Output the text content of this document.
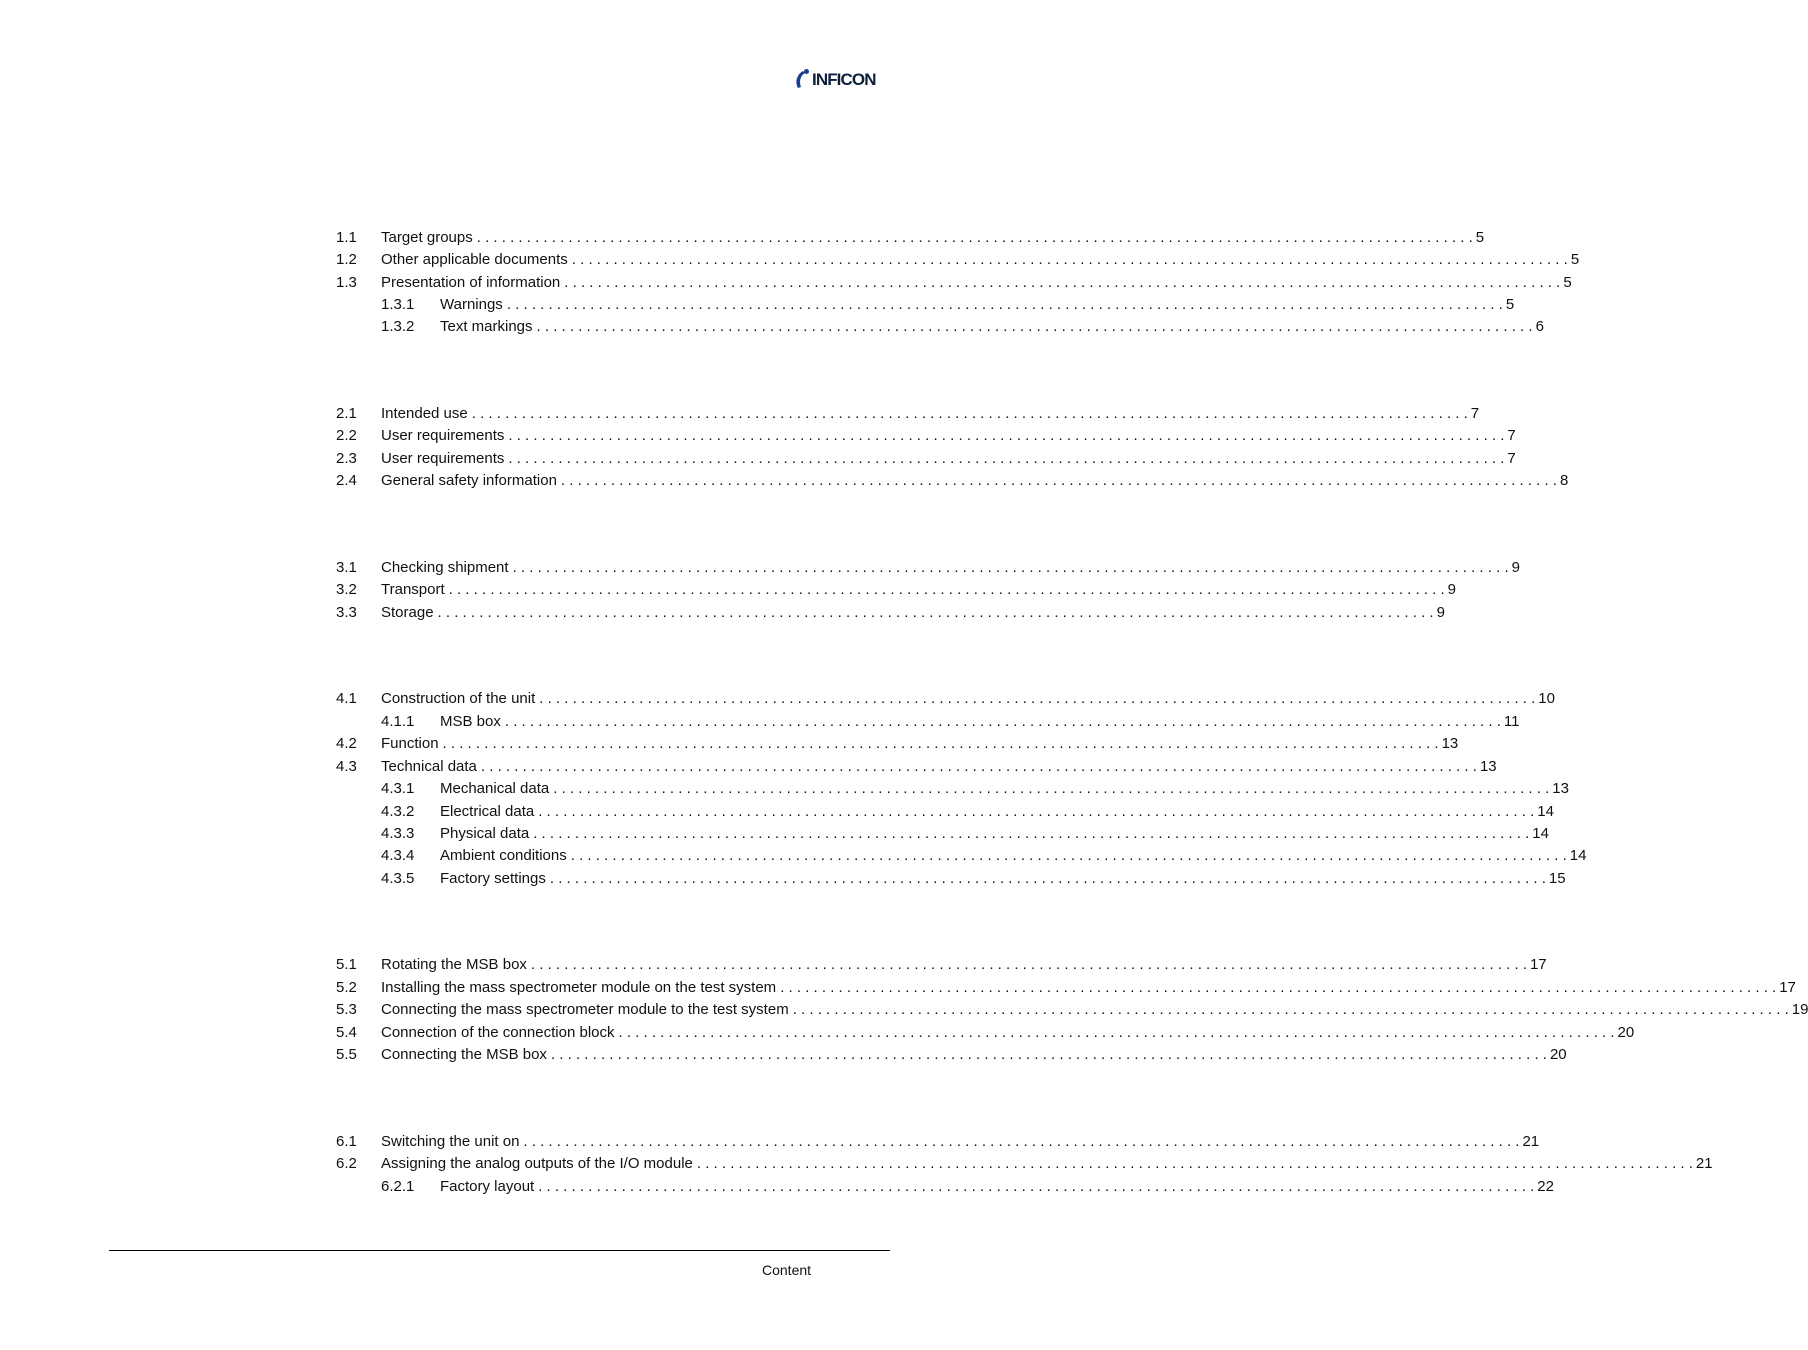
INFICON
1.1 Target groups . . . . . . . . . . . . . . . . . . . . . . . . . . . . . . . . . . . . . . . . . . . . . . . . . . . . . . . . . . . . . . . . . . . . . . . . . . . . . . . . . . . . . . . . . . . . . . . . . . . . . . . . . . . . . . . . . . . . . . . . 5
1.2 Other applicable documents . . . . . . . . . . . . . . . . . . . . . . . . . . . . . . . . . . . . . . . . . . . . . . . . . . . . . . . . . . . . . . . . . . . . . . . . . . . . . . . . . . . . . . . . . . . . . . . . . . . . . . . . . . . . . . . . . . . . . . . . 5
1.3 Presentation of information . . . . . . . . . . . . . . . . . . . . . . . . . . . . . . . . . . . . . . . . . . . . . . . . . . . . . . . . . . . . . . . . . . . . . . . . . . . . . . . . . . . . . . . . . . . . . . . . . . . . . . . . . . . . . . . . . . . . . . . . 5
1.3.1 Warnings . . . . . . . . . . . . . . . . . . . . . . . . . . . . . . . . . . . . . . . . . . . . . . . . . . . . . . . . . . . . . . . . . . . . . . . . . . . . . . . . . . . . . . . . . . . . . . . . . . . . . . . . . . . . . . . . . . . . . . . . 5
1.3.2 Text markings . . . . . . . . . . . . . . . . . . . . . . . . . . . . . . . . . . . . . . . . . . . . . . . . . . . . . . . . . . . . . . . . . . . . . . . . . . . . . . . . . . . . . . . . . . . . . . . . . . . . . . . . . . . . . . . . . . . . . . . . 6
2.1 Intended use . . . . . . . . . . . . . . . . . . . . . . . . . . . . . . . . . . . . . . . . . . . . . . . . . . . . . . . . . . . . . . . . . . . . . . . . . . . . . . . . . . . . . . . . . . . . . . . . . . . . . . . . . . . . . . . . . . . . . . . . 7
2.2 User requirements . . . . . . . . . . . . . . . . . . . . . . . . . . . . . . . . . . . . . . . . . . . . . . . . . . . . . . . . . . . . . . . . . . . . . . . . . . . . . . . . . . . . . . . . . . . . . . . . . . . . . . . . . . . . . . . . . . . . . . . . 7
2.3 User requirements . . . . . . . . . . . . . . . . . . . . . . . . . . . . . . . . . . . . . . . . . . . . . . . . . . . . . . . . . . . . . . . . . . . . . . . . . . . . . . . . . . . . . . . . . . . . . . . . . . . . . . . . . . . . . . . . . . . . . . . . 7
2.4 General safety information . . . . . . . . . . . . . . . . . . . . . . . . . . . . . . . . . . . . . . . . . . . . . . . . . . . . . . . . . . . . . . . . . . . . . . . . . . . . . . . . . . . . . . . . . . . . . . . . . . . . . . . . . . . . . . . . . . . . . . . . 8
3.1 Checking shipment . . . . . . . . . . . . . . . . . . . . . . . . . . . . . . . . . . . . . . . . . . . . . . . . . . . . . . . . . . . . . . . . . . . . . . . . . . . . . . . . . . . . . . . . . . . . . . . . . . . . . . . . . . . . . . . . . . . . . . . . 9
3.2 Transport . . . . . . . . . . . . . . . . . . . . . . . . . . . . . . . . . . . . . . . . . . . . . . . . . . . . . . . . . . . . . . . . . . . . . . . . . . . . . . . . . . . . . . . . . . . . . . . . . . . . . . . . . . . . . . . . . . . . . . . . 9
3.3 Storage . . . . . . . . . . . . . . . . . . . . . . . . . . . . . . . . . . . . . . . . . . . . . . . . . . . . . . . . . . . . . . . . . . . . . . . . . . . . . . . . . . . . . . . . . . . . . . . . . . . . . . . . . . . . . . . . . . . . . . . . 9
4.1 Construction of the unit . . . . . . . . . . . . . . . . . . . . . . . . . . . . . . . . . . . . . . . . . . . . . . . . . . . . . . . . . . . . . . . . . . . . . . . . . . . . . . . . . . . . . . . . . . . . . . . . . . . . . . . . . . . . . . . . . . . . . . . . 10
4.1.1 MSB box . . . . . . . . . . . . . . . . . . . . . . . . . . . . . . . . . . . . . . . . . . . . . . . . . . . . . . . . . . . . . . . . . . . . . . . . . . . . . . . . . . . . . . . . . . . . . . . . . . . . . . . . . . . . . . . . . . . . . . . . 11
4.2 Function . . . . . . . . . . . . . . . . . . . . . . . . . . . . . . . . . . . . . . . . . . . . . . . . . . . . . . . . . . . . . . . . . . . . . . . . . . . . . . . . . . . . . . . . . . . . . . . . . . . . . . . . . . . . . . . . . . . . . . . . 13
4.3 Technical data . . . . . . . . . . . . . . . . . . . . . . . . . . . . . . . . . . . . . . . . . . . . . . . . . . . . . . . . . . . . . . . . . . . . . . . . . . . . . . . . . . . . . . . . . . . . . . . . . . . . . . . . . . . . . . . . . . . . . . . . 13
4.3.1 Mechanical data . . . . . . . . . . . . . . . . . . . . . . . . . . . . . . . . . . . . . . . . . . . . . . . . . . . . . . . . . . . . . . . . . . . . . . . . . . . . . . . . . . . . . . . . . . . . . . . . . . . . . . . . . . . . . . . . . . . . . . . . 13
4.3.2 Electrical data . . . . . . . . . . . . . . . . . . . . . . . . . . . . . . . . . . . . . . . . . . . . . . . . . . . . . . . . . . . . . . . . . . . . . . . . . . . . . . . . . . . . . . . . . . . . . . . . . . . . . . . . . . . . . . . . . . . . . . . . 14
4.3.3 Physical data . . . . . . . . . . . . . . . . . . . . . . . . . . . . . . . . . . . . . . . . . . . . . . . . . . . . . . . . . . . . . . . . . . . . . . . . . . . . . . . . . . . . . . . . . . . . . . . . . . . . . . . . . . . . . . . . . . . . . . . . 14
4.3.4 Ambient conditions . . . . . . . . . . . . . . . . . . . . . . . . . . . . . . . . . . . . . . . . . . . . . . . . . . . . . . . . . . . . . . . . . . . . . . . . . . . . . . . . . . . . . . . . . . . . . . . . . . . . . . . . . . . . . . . . . . . . . . . . 14
4.3.5 Factory settings . . . . . . . . . . . . . . . . . . . . . . . . . . . . . . . . . . . . . . . . . . . . . . . . . . . . . . . . . . . . . . . . . . . . . . . . . . . . . . . . . . . . . . . . . . . . . . . . . . . . . . . . . . . . . . . . . . . . . . . . 15
5.1 Rotating the MSB box . . . . . . . . . . . . . . . . . . . . . . . . . . . . . . . . . . . . . . . . . . . . . . . . . . . . . . . . . . . . . . . . . . . . . . . . . . . . . . . . . . . . . . . . . . . . . . . . . . . . . . . . . . . . . . . . . . . . . . . . 17
5.2 Installing the mass spectrometer module on the test system . . . . . . . . . . . . . . . . . . . . . . . . . . . . . . . . . . . . . . . . . . . . . . . . . . . . . . . . . . . . . . . . . . . . . . . . . . . . . . . . . . . . . . . . . . . . . . . . . . . . . . . . . . . . . . . . . . . . . . . . 17
5.3 Connecting the mass spectrometer module to the test system . . . . . . . . . . . . . . . . . . . . . . . . . . . . . . . . . . . . . . . . . . . . . . . . . . . . . . . . . . . . . . . . . . . . . . . . . . . . . . . . . . . . . . . . . . . . . . . . . . . . . . . . . . . . . . . . . . . . . . . . 19
5.4 Connection of the connection block . . . . . . . . . . . . . . . . . . . . . . . . . . . . . . . . . . . . . . . . . . . . . . . . . . . . . . . . . . . . . . . . . . . . . . . . . . . . . . . . . . . . . . . . . . . . . . . . . . . . . . . . . . . . . . . . . . . . . . . . 20
5.5 Connecting the MSB box . . . . . . . . . . . . . . . . . . . . . . . . . . . . . . . . . . . . . . . . . . . . . . . . . . . . . . . . . . . . . . . . . . . . . . . . . . . . . . . . . . . . . . . . . . . . . . . . . . . . . . . . . . . . . . . . . . . . . . . . 20
6.1 Switching the unit on . . . . . . . . . . . . . . . . . . . . . . . . . . . . . . . . . . . . . . . . . . . . . . . . . . . . . . . . . . . . . . . . . . . . . . . . . . . . . . . . . . . . . . . . . . . . . . . . . . . . . . . . . . . . . . . . . . . . . . . . 21
6.2 Assigning the analog outputs of the I/O module . . . . . . . . . . . . . . . . . . . . . . . . . . . . . . . . . . . . . . . . . . . . . . . . . . . . . . . . . . . . . . . . . . . . . . . . . . . . . . . . . . . . . . . . . . . . . . . . . . . . . . . . . . . . . . . . . . . . . . . . 21
6.2.1 Factory layout . . . . . . . . . . . . . . . . . . . . . . . . . . . . . . . . . . . . . . . . . . . . . . . . . . . . . . . . . . . . . . . . . . . . . . . . . . . . . . . . . . . . . . . . . . . . . . . . . . . . . . . . . . . . . . . . . . . . . . . . 22
Content
